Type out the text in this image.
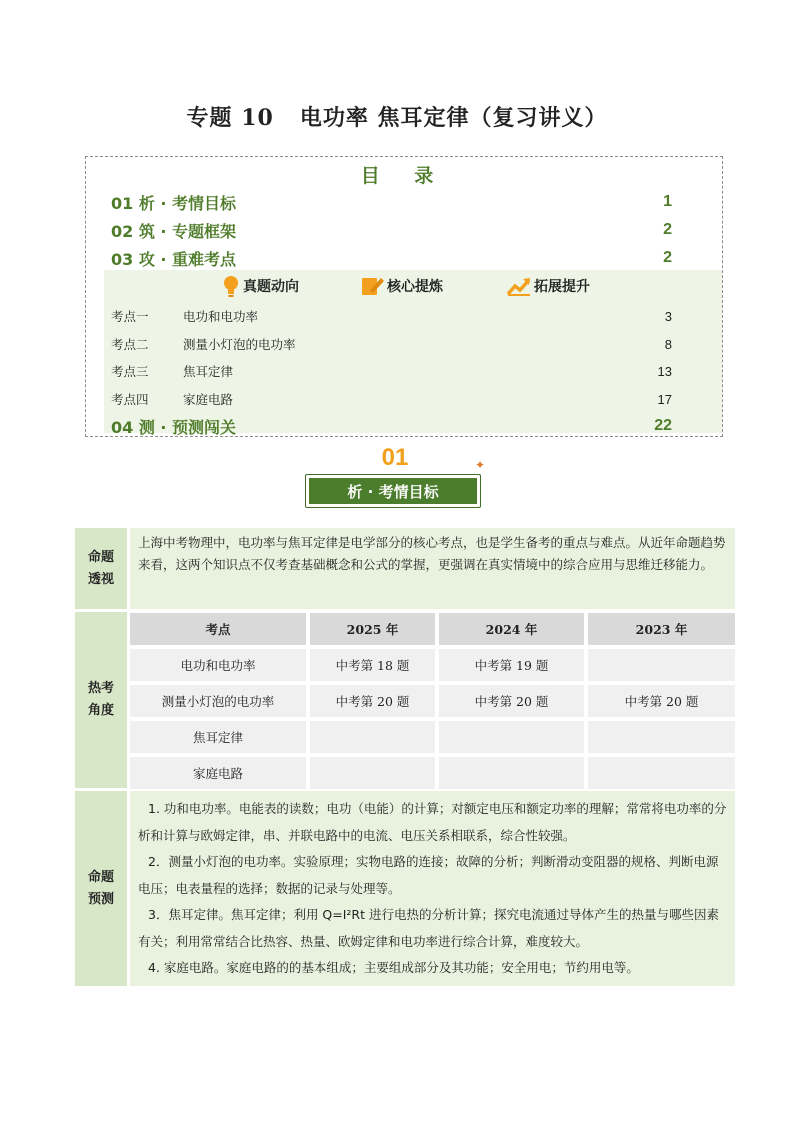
专题 10 电功率 焦耳定律（复习讲义）
目 录
01 析 · 考情目标	1
02 筑 · 专题框架	2
03 攻 · 重难考点	2
真题动向	核心提炼	拓展提升
考点一	电功和电功率	3
考点二	测量小灯泡的电功率	8
考点三	焦耳定律	13
考点四	家庭电路	17
04 测 · 预测闯关	22
01
析 · 考情目标
✦
命题透视

上海中考物理中，电功率与焦耳定律是电学部分的核心考点，也是学生备考的重点与难点。从近年命题趋势来看，这两个知识点不仅考查基础概念和公式的掌握，更强调在真实情境中的综合应用与思维迁移能力。

热考角度
考点	2025 年	2024 年	2023 年
电功和电功率	中考第 18 题	中考第 19 题
测量小灯泡的电功率	中考第 20 题	中考第 20 题	中考第 20 题
焦耳定律
家庭电路
命题预测

1. 功和电功率。电能表的读数；电功（电能）的计算；对额定电压和额定功率的理解；常常将电功率的分析和计算与欧姆定律，串、并联电路中的电流、电压关系相联系，综合性较强。

2．测量小灯泡的电功率。实验原理；实物电路的连接；故障的分析；判断滑动变阻器的规格、判断电源电压；电表量程的选择；数据的记录与处理等。

3．焦耳定律。焦耳定律；利用 Q=I²Rt 进行电热的分析计算；探究电流通过导体产生的热量与哪些因素有关；利用常常结合比热容、热量、欧姆定律和电功率进行综合计算，难度较大。

4. 家庭电路。家庭电路的的基本组成；主要组成部分及其功能；安全用电；节约用电等。
